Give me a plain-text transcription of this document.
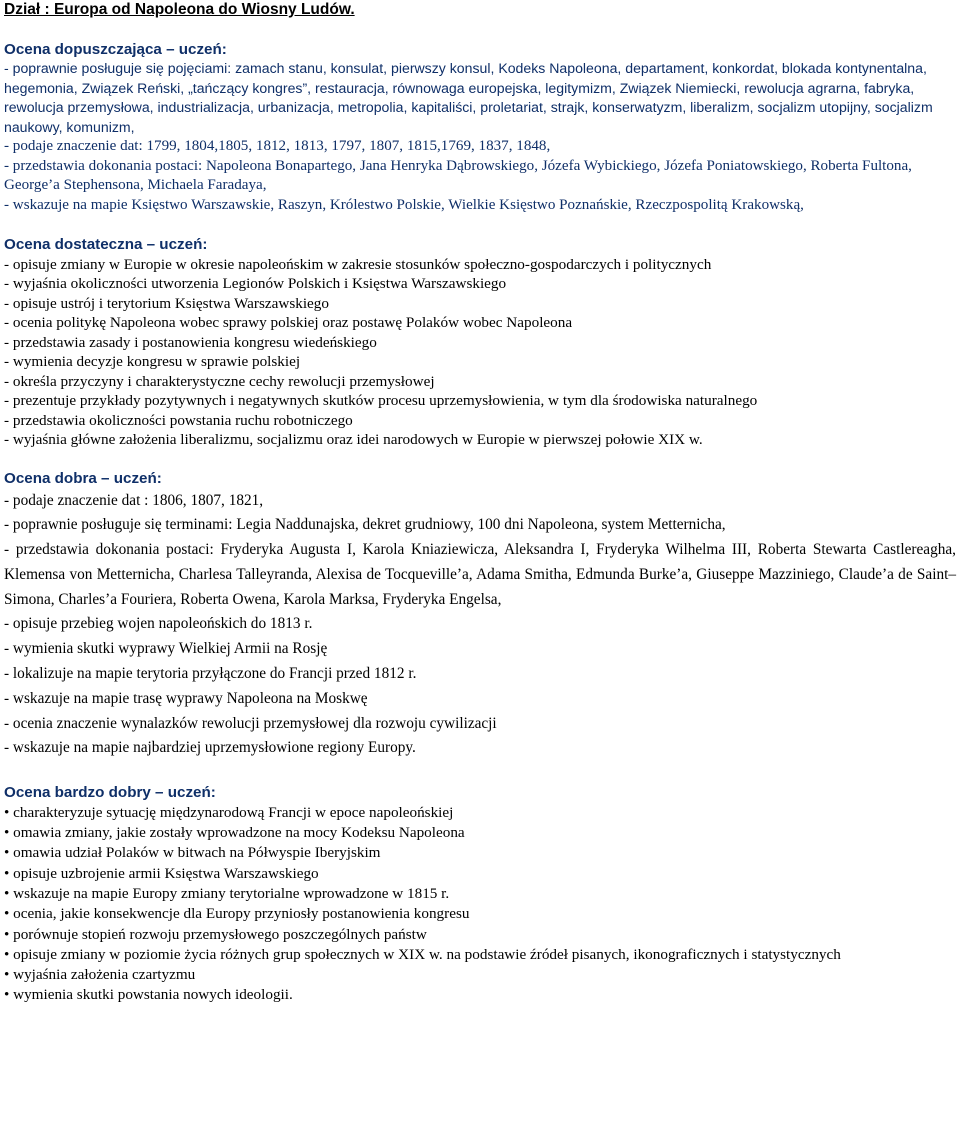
Dział : Europa od Napoleona do Wiosny Ludów.

Ocena dopuszczająca – uczeń:

- poprawnie posługuje się pojęciami: zamach stanu, konsulat, pierwszy konsul, Kodeks Napoleona, departament, konkordat, blokada kontynentalna, hegemonia, Związek Reński, „tańczący kongres”, restauracja, równowaga europejska, legitymizm, Związek Niemiecki, rewolucja agrarna, fabryka, rewolucja przemysłowa, industrializacja, urbanizacja, metropolia, kapitaliści, proletariat, strajk, konserwatyzm, liberalizm, socjalizm utopijny, socjalizm naukowy, komunizm,

- podaje znaczenie dat: 1799, 1804,1805, 1812, 1813, 1797, 1807, 1815,1769, 1837, 1848,

- przedstawia dokonania postaci: Napoleona Bonapartego, Jana Henryka Dąbrowskiego, Józefa Wybickiego, Józefa Poniatowskiego, Roberta Fultona, George’a Stephensona, Michaela Faradaya,

- wskazuje na mapie Księstwo Warszawskie, Raszyn, Królestwo Polskie, Wielkie Księstwo Poznańskie, Rzeczpospolitą Krakowską,

Ocena dostateczna – uczeń:

- opisuje zmiany w Europie w okresie napoleońskim w zakresie stosunków społeczno-gospodarczych i politycznych

- wyjaśnia okoliczności utworzenia Legionów Polskich i Księstwa Warszawskiego

- opisuje ustrój i terytorium Księstwa Warszawskiego

- ocenia politykę Napoleona wobec sprawy polskiej oraz postawę Polaków wobec Napoleona

- przedstawia zasady i postanowienia kongresu wiedeńskiego

- wymienia decyzje kongresu w sprawie polskiej

- określa przyczyny i charakterystyczne cechy rewolucji przemysłowej

- prezentuje przykłady pozytywnych i negatywnych skutków procesu uprzemysłowienia, w tym dla środowiska naturalnego

- przedstawia okoliczności powstania ruchu robotniczego

- wyjaśnia główne założenia liberalizmu, socjalizmu oraz idei narodowych w Europie w pierwszej połowie XIX w.

Ocena dobra – uczeń:

- podaje znaczenie dat : 1806, 1807, 1821,

- poprawnie posługuje się terminami: Legia Naddunajska, dekret grudniowy, 100 dni Napoleona, system Metternicha,

- przedstawia dokonania postaci: Fryderyka Augusta I, Karola Kniaziewicza, Aleksandra I, Fryderyka Wilhelma III, Roberta Stewarta Castlereagha, Klemensa von Metternicha, Charlesa Talleyranda, Alexisa de Tocqueville’a, Adama Smitha, Edmunda Burke’a, Giuseppe Mazziniego, Claude’a de Saint–Simona, Charles’a Fouriera, Roberta Owena, Karola Marksa, Fryderyka Engelsa,

- opisuje przebieg wojen napoleońskich do 1813 r.

- wymienia skutki wyprawy Wielkiej Armii na Rosję

- lokalizuje na mapie terytoria przyłączone do Francji przed 1812 r.

- wskazuje na mapie trasę wyprawy Napoleona na Moskwę

- ocenia znaczenie wynalazków rewolucji przemysłowej dla rozwoju cywilizacji

- wskazuje na mapie najbardziej uprzemysłowione regiony Europy.

Ocena bardzo dobry – uczeń:

• charakteryzuje sytuację międzynarodową Francji w epoce napoleońskiej

• omawia zmiany, jakie zostały wprowadzone na mocy Kodeksu Napoleona

• omawia udział Polaków w bitwach na Półwyspie Iberyjskim

• opisuje uzbrojenie armii Księstwa Warszawskiego

• wskazuje na mapie Europy zmiany terytorialne wprowadzone w 1815 r.

• ocenia, jakie konsekwencje dla Europy przyniosły postanowienia kongresu

• porównuje stopień rozwoju przemysłowego poszczególnych państw

• opisuje zmiany w poziomie życia różnych grup społecznych w XIX w. na podstawie źródeł pisanych, ikonograficznych i statystycznych

• wyjaśnia założenia czartyzmu

• wymienia skutki powstania nowych ideologii.
